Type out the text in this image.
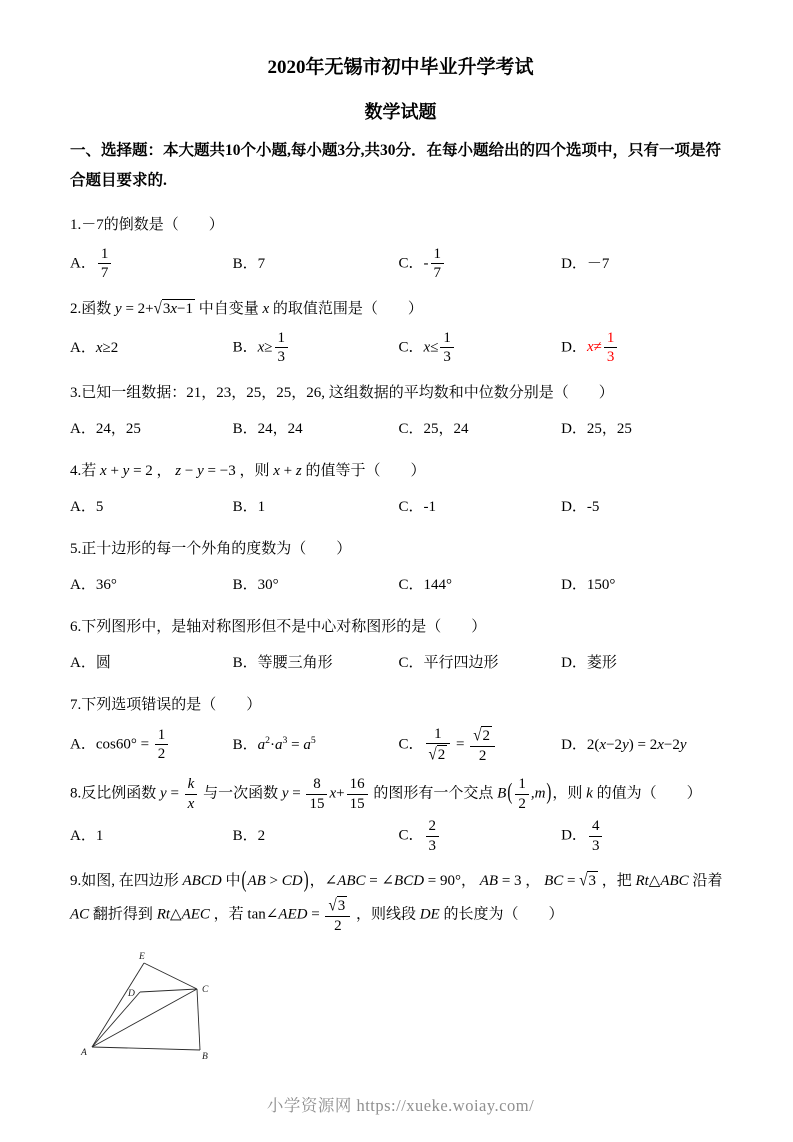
2020年无锡市初中毕业升学考试
数学试题

一、选择题：本大题共10个小题,每小题3分,共30分．在每小题给出的四个选项中，只有一项是符合题目要求的.

1.－7的倒数是（　　）
A． $\frac{1}{7}$	B．7	C．- $\frac{1}{7}$	D．－7
2.函数 y = 2+√3x−1 中自变量 x 的取值范围是（　　）
A．x≥2	B．$x\ge \frac{1}{3}$	C．$x\le \frac{1}{3}$	D．$x\ne \frac{1}{3}$
3.已知一组数据：21，23，25，25，26, 这组数据的平均数和中位数分别是（　　）
A．24，25	B．24，24	C．25，24	D．25，25
4.若 x + y = 2 ， z − y = −3 ，则 x + z 的值等于（　　）
A．5	B．1	C．-1	D．-5
5.正十边形的每一个外角的度数为（　　）
A．36°	B．30°	C．144°	D．150°
6.下列图形中，是轴对称图形但不是中心对称图形的是（　　）
A．圆	B．等腰三角形	C．平行四边形	D．菱形
7.下列选项错误的是（　　）
A．$\cos 60^\circ = \frac{1}{2}$	B．$a^2\cdot a^3 = a^5$	C． $\frac{1}{√2} = \frac{√2}{2}$	D．2(x−2y) = 2x−2y
8.反比例函数 $y = \frac{k}{x}$ 与一次函数 $y = \frac{8}{15} x+ \frac{16}{15}$ 的图形有一个交点 $B( \frac{1}{2} ,m)$，则 k 的值为（　　）
A．1	B．2	C． $\frac{2}{3}$	D． $\frac{4}{3}$
9.如图, 在四边形 ABCD 中(AB > CD)，∠ABC = ∠BCD = 90°， AB = 3 ， BC = √3 ，把 Rt△ABC 沿着 AC 翻折得到 Rt△AEC ，若 tan∠AED = $\frac{√3}{2}$ ，则线段 DE 的长度为（　　）
E
D	C
A	B
小学资源网 https://xueke.woiay.com/
